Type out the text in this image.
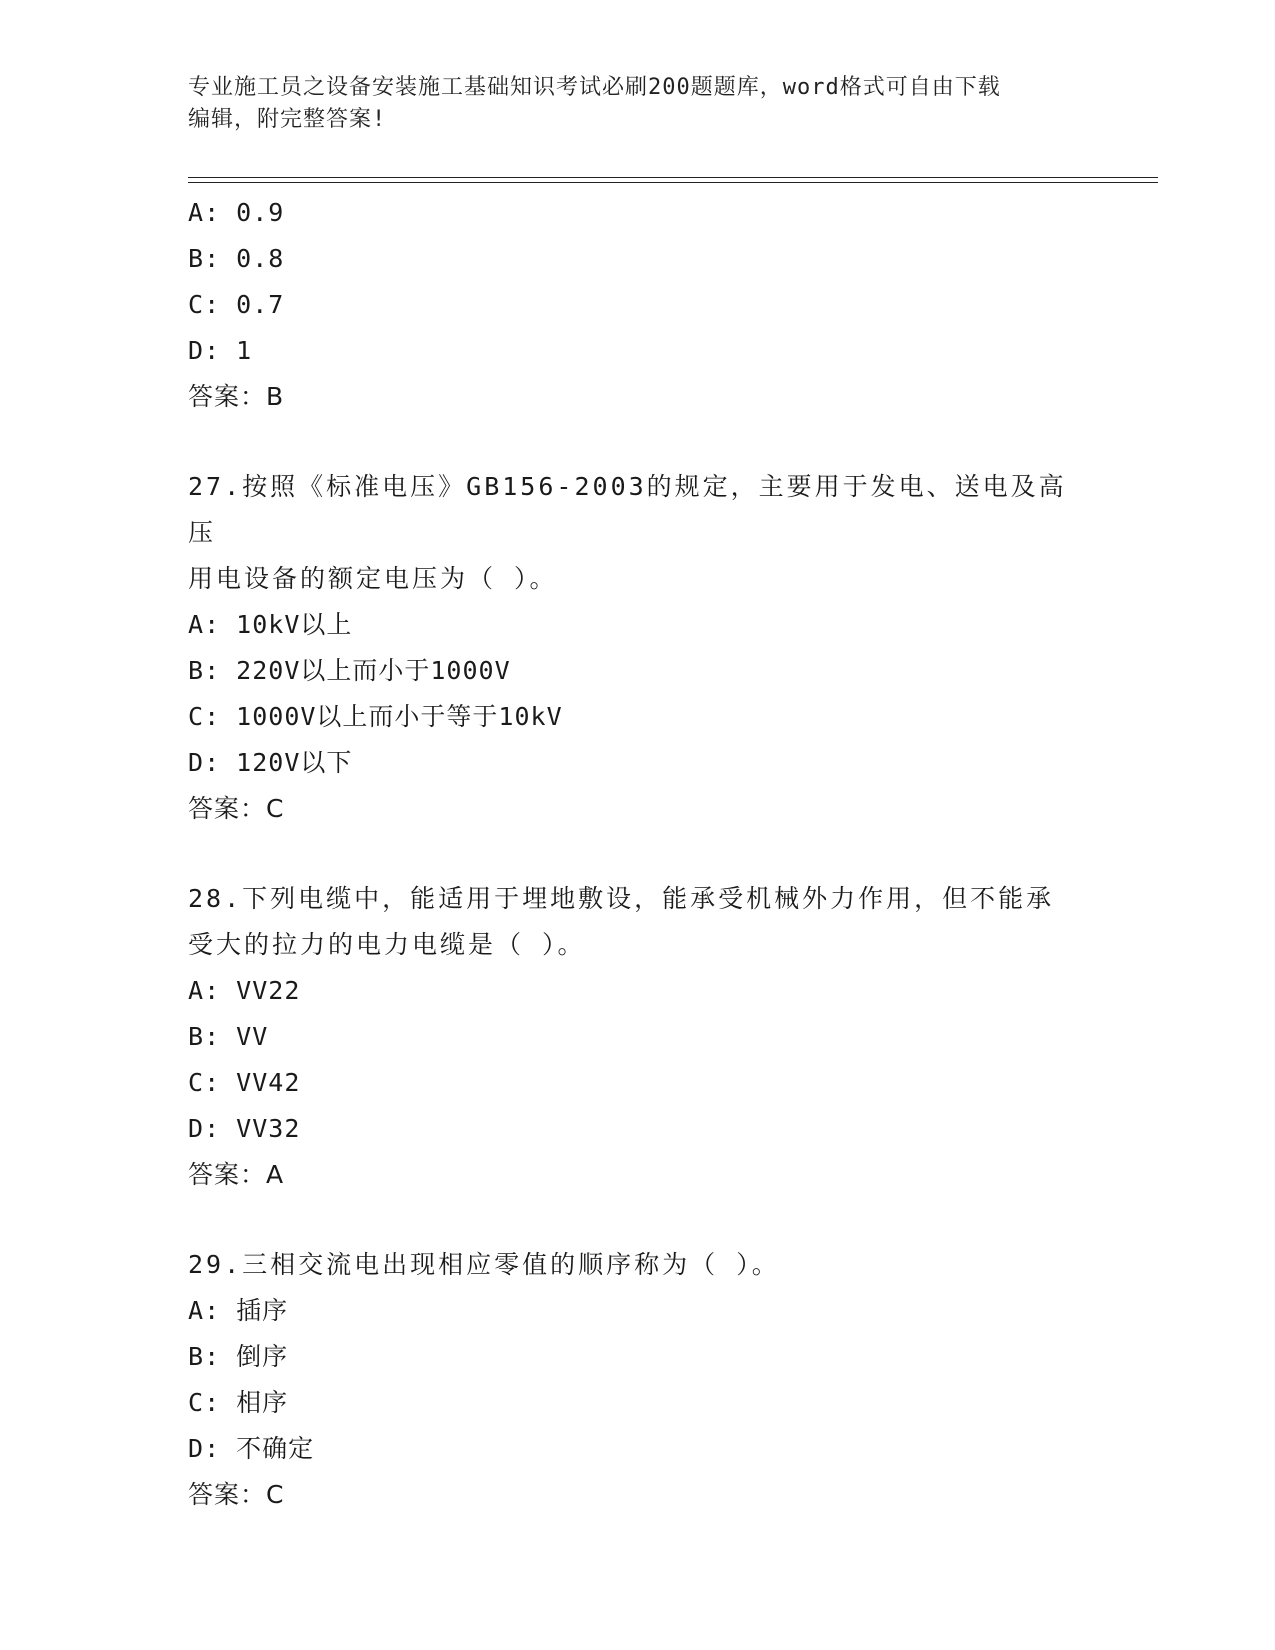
专业施工员之设备安装施工基础知识考试必刷200题题库，word格式可自由下载
编辑，附完整答案!
A: 0.9
B: 0.8
C: 0.7
D: 1
答案：B
27.按照《标准电压》GB156-2003的规定，主要用于发电、送电及高压
用电设备的额定电压为（ ）。
A: 10kV以上
B: 220V以上而小于1000V
C: 1000V以上而小于等于10kV
D: 120V以下
答案：C
28.下列电缆中，能适用于埋地敷设，能承受机械外力作用，但不能承
受大的拉力的电力电缆是（ ）。
A: VV22
B: VV
C: VV42
D: VV32
答案：A
29.三相交流电出现相应零值的顺序称为（ ）。
A: 插序
B: 倒序
C: 相序
D: 不确定
答案：C
